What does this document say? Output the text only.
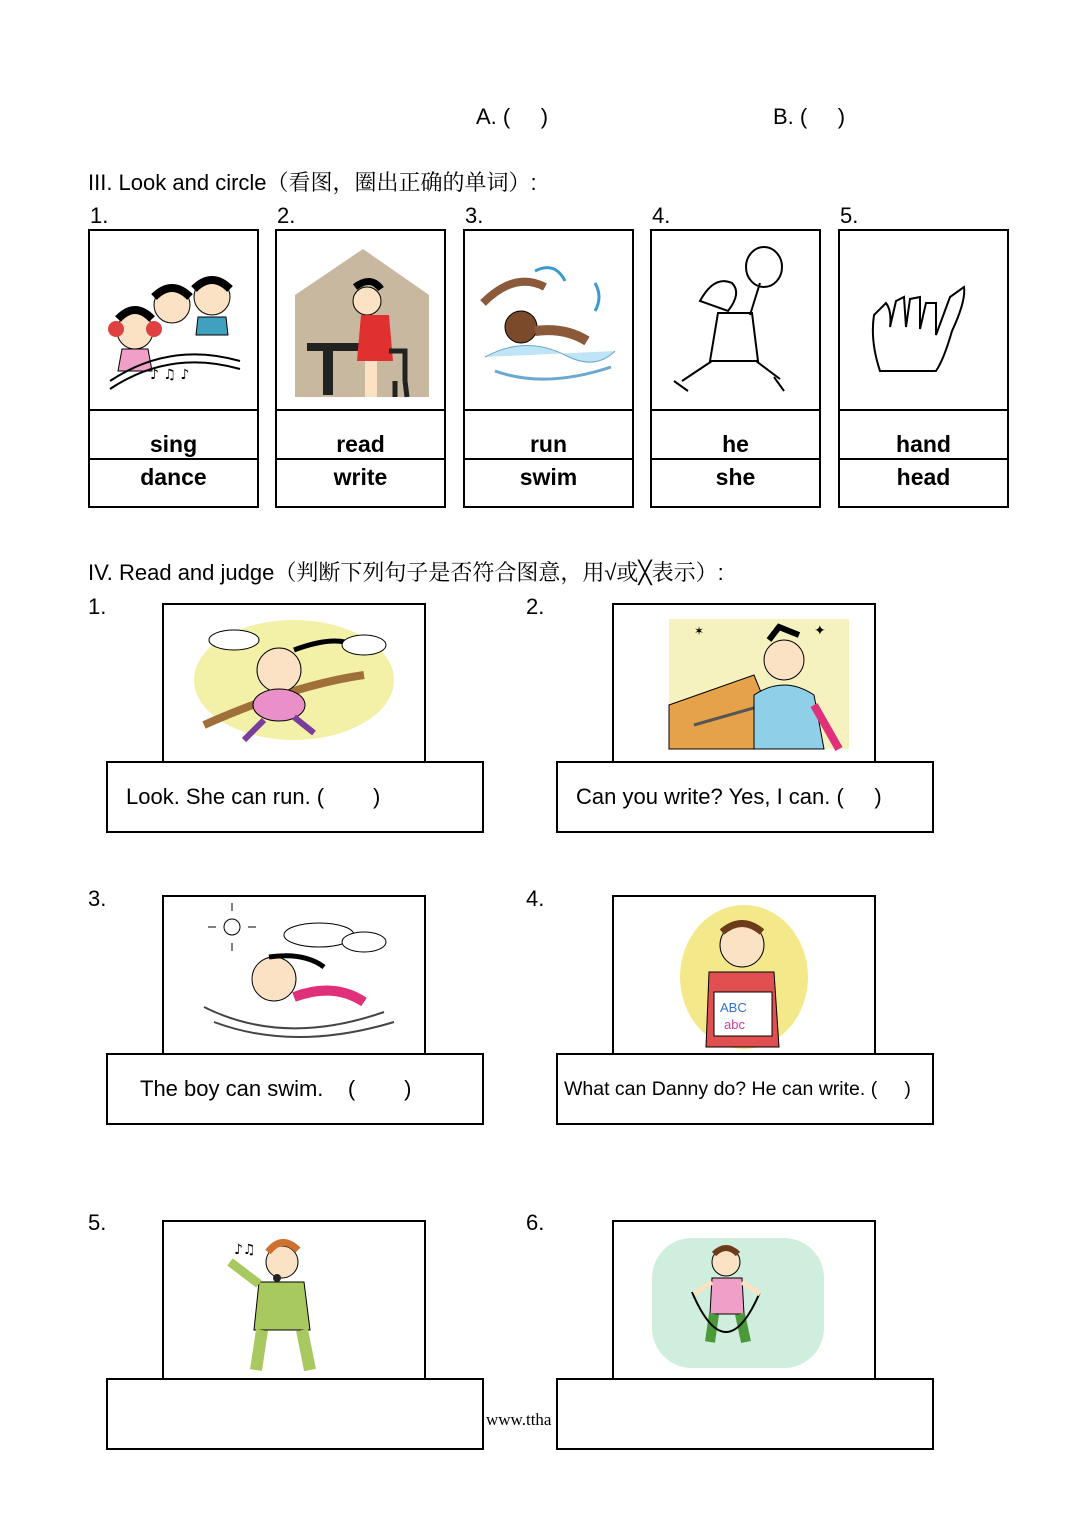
A. (     )	B. (     )
III. Look and circle（看图，圈出正确的单词）:
1.
♪ ♫ ♪
sing
dance
2.
read
write
3.
run
swim
4.
he
she
5.
hand
head
IV. Read and judge（判断下列句子是否符合图意，用√或╳表示）:
1.
Look. She can run. (        )
2.
✦
✶
Can you write? Yes, I can. (     )
3.
The boy can swim.    (        )
4.
ABC
abc
What can Danny do? He can write. (     )
5.
♪♫
6.
www.ttha
